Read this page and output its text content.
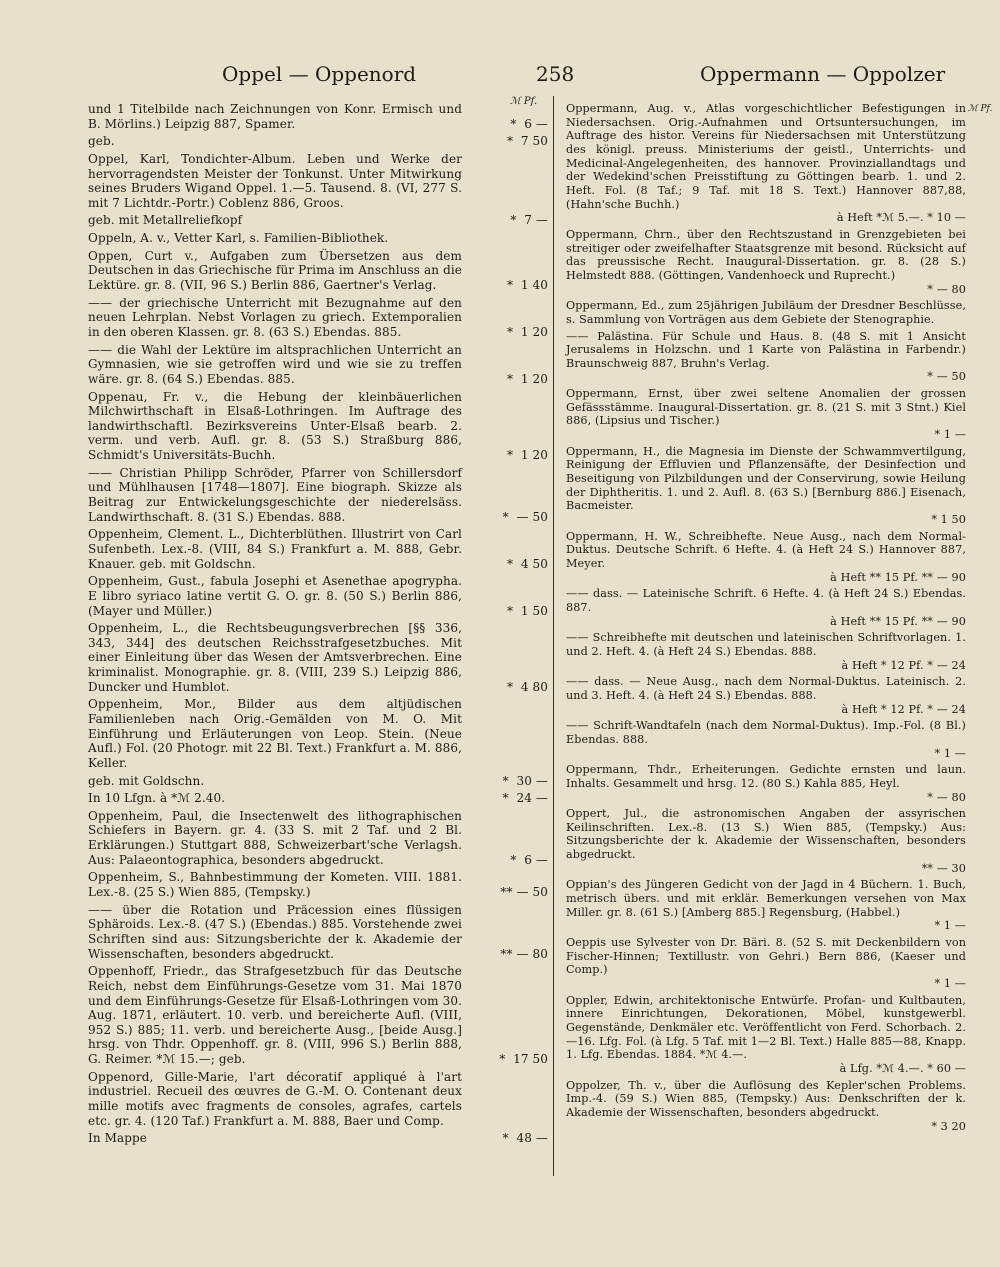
Oppel — Oppenord	258	Oppermann — Oppolzer
ℳ Pf.
ℳ Pf.
und 1 Titelbilde nach Zeichnungen von Konr. Ermisch und B. Mörlins.) Leipzig 887, Spamer.	*  6 —
geb.	*  7 50
Oppel, Karl, Tondichter-Album. Leben und Werke der hervorragendsten Meister der Tonkunst. Unter Mitwirkung seines Bruders Wigand Oppel. 1.—5. Tausend. 8. (VI, 277 S. mit 7 Lichtdr.-Portr.) Coblenz 886, Groos.
geb. mit Metallreliefkopf	*  7 —
Oppeln, A. v., Vetter Karl, s. Familien-Bibliothek.
Oppen, Curt v., Aufgaben zum Übersetzen aus dem Deutschen in das Griechische für Prima im Anschluss an die Lektüre. gr. 8. (VII, 96 S.) Berlin 886, Gaertner's Verlag.	*  1 40
—— der griechische Unterricht mit Bezugnahme auf den neuen Lehrplan. Nebst Vorlagen zu griech. Extemporalien in den oberen Klassen. gr. 8. (63 S.) Ebendas. 885.	*  1 20
—— die Wahl der Lektüre im altsprachlichen Unterricht an Gymnasien, wie sie getroffen wird und wie sie zu treffen wäre. gr. 8. (64 S.) Ebendas. 885.	*  1 20
Oppenau, Fr. v., die Hebung der kleinbäuerlichen Milchwirthschaft in Elsaß-Lothringen. Im Auftrage des landwirthschaftl. Bezirksvereins Unter-Elsaß bearb. 2. verm. und verb. Aufl. gr. 8. (53 S.) Straßburg 886, Schmidt's Universitäts-Buchh.	*  1 20
—— Christian Philipp Schröder, Pfarrer von Schillersdorf und Mühlhausen [1748—1807]. Eine biograph. Skizze als Beitrag zur Entwickelungsgeschichte der niederelsäss. Landwirthschaft. 8. (31 S.) Ebendas. 888.	*  — 50
Oppenheim, Clement. L., Dichterblüthen. Illustrirt von Carl Sufenbeth. Lex.-8. (VIII, 84 S.) Frankfurt a. M. 888, Gebr. Knauer. geb. mit Goldschn.	*  4 50
Oppenheim, Gust., fabula Josephi et Asenethae apogrypha. E libro syriaco latine vertit G. O. gr. 8. (50 S.) Berlin 886, (Mayer und Müller.)	*  1 50
Oppenheim, L., die Rechtsbeugungsverbrechen [§§ 336, 343, 344] des deutschen Reichsstrafgesetzbuches. Mit einer Einleitung über das Wesen der Amtsverbrechen. Eine kriminalist. Monographie. gr. 8. (VIII, 239 S.) Leipzig 886, Duncker und Humblot.	*  4 80
Oppenheim, Mor., Bilder aus dem altjüdischen Familienleben nach Orig.-Gemälden von M. O. Mit Einführung und Erläuterungen von Leop. Stein. (Neue Aufl.) Fol. (20 Photogr. mit 22 Bl. Text.) Frankfurt a. M. 886, Keller.
geb. mit Goldschn.	*  30 —
In 10 Lfgn. à *ℳ 2.40.	*  24 —
Oppenheim, Paul, die Insectenwelt des lithographischen Schiefers in Bayern. gr. 4. (33 S. mit 2 Taf. und 2 Bl. Erklärungen.) Stuttgart 888, Schweizerbart'sche Verlagsh. Aus: Palaeontographica, besonders abgedruckt.	*  6 —
Oppenheim, S., Bahnbestimmung der Kometen. VIII. 1881. Lex.-8. (25 S.) Wien 885, (Tempsky.)	** — 50
—— über die Rotation und Präcession eines flüssigen Sphäroids. Lex.-8. (47 S.) (Ebendas.) 885. Vorstehende zwei Schriften sind aus: Sitzungsberichte der k. Akademie der Wissenschaften, besonders abgedruckt.	** — 80
Oppenhoff, Friedr., das Strafgesetzbuch für das Deutsche Reich, nebst dem Einführungs-Gesetze vom 31. Mai 1870 und dem Einführungs-Gesetze für Elsaß-Lothringen vom 30. Aug. 1871, erläutert. 10. verb. und bereicherte Aufl. (VIII, 952 S.) 885; 11. verb. und bereicherte Ausg., [beide Ausg.] hrsg. von Thdr. Oppenhoff. gr. 8. (VIII, 996 S.) Berlin 888, G. Reimer. *ℳ 15.—; geb.	*  17 50
Oppenord, Gille-Marie, l'art décoratif appliqué à l'art industriel. Recueil des œuvres de G.-M. O. Contenant deux mille motifs avec fragments de consoles, agrafes, cartels etc. gr. 4. (120 Taf.) Frankfurt a. M. 888, Baer und Comp.
In Mappe	*  48 —
Oppermann, Aug. v., Atlas vorgeschichtlicher Befestigungen in Niedersachsen. Orig.-Aufnahmen und Ortsuntersuchungen, im Auftrage des histor. Vereins für Niedersachsen mit Unterstützung des königl. preuss. Ministeriums der geistl., Unterrichts- und Medicinal-Angelegenheiten, des hannover. Provinziallandtags und der Wedekind'schen Preisstiftung zu Göttingen bearb. 1. und 2. Heft. Fol. (8 Taf.; 9 Taf. mit 18 S. Text.) Hannover 887,88, (Hahn'sche Buchh.)
à Heft *ℳ 5.—. * 10 —
Oppermann, Chrn., über den Rechtszustand in Grenzgebieten bei streitiger oder zweifelhafter Staatsgrenze mit besond. Rücksicht auf das preussische Recht. Inaugural-Dissertation. gr. 8. (28 S.) Helmstedt 888. (Göttingen, Vandenhoeck und Ruprecht.)
* — 80
Oppermann, Ed., zum 25jährigen Jubiläum der Dresdner Beschlüsse, s. Sammlung von Vorträgen aus dem Gebiete der Stenographie.
—— Palästina. Für Schule und Haus. 8. (48 S. mit 1 Ansicht Jerusalems in Holzschn. und 1 Karte von Palästina in Farbendr.) Braunschweig 887, Bruhn's Verlag.
* — 50
Oppermann, Ernst, über zwei seltene Anomalien der grossen Gefässstämme. Inaugural-Dissertation. gr. 8. (21 S. mit 3 Stnt.) Kiel 886, (Lipsius und Tischer.)
* 1 —
Oppermann, H., die Magnesia im Dienste der Schwammvertilgung, Reinigung der Effluvien und Pflanzensäfte, der Desinfection und Beseitigung von Pilzbildungen und der Conservirung, sowie Heilung der Diphtheritis. 1. und 2. Aufl. 8. (63 S.) [Bernburg 886.] Eisenach, Bacmeister.
* 1 50
Oppermann, H. W., Schreibhefte. Neue Ausg., nach dem Normal-Duktus. Deutsche Schrift. 6 Hefte. 4. (à Heft 24 S.) Hannover 887, Meyer.
à Heft ** 15 Pf. ** — 90
—— dass. — Lateinische Schrift. 6 Hefte. 4. (à Heft 24 S.) Ebendas. 887.
à Heft ** 15 Pf. ** — 90
—— Schreibhefte mit deutschen und lateinischen Schriftvorlagen. 1. und 2. Heft. 4. (à Heft 24 S.) Ebendas. 888.
à Heft * 12 Pf. * — 24
—— dass. — Neue Ausg., nach dem Normal-Duktus. Lateinisch. 2. und 3. Heft. 4. (à Heft 24 S.) Ebendas. 888.
à Heft * 12 Pf. * — 24
—— Schrift-Wandtafeln (nach dem Normal-Duktus). Imp.-Fol. (8 Bl.) Ebendas. 888.
* 1 —
Oppermann, Thdr., Erheiterungen. Gedichte ernsten und laun. Inhalts. Gesammelt und hrsg. 12. (80 S.) Kahla 885, Heyl.
* — 80
Oppert, Jul., die astronomischen Angaben der assyrischen Keilinschriften. Lex.-8. (13 S.) Wien 885, (Tempsky.) Aus: Sitzungsberichte der k. Akademie der Wissenschaften, besonders abgedruckt.
** — 30
Oppian's des Jüngeren Gedicht von der Jagd in 4 Büchern. 1. Buch, metrisch übers. und mit erklär. Bemerkungen versehen von Max Miller. gr. 8. (61 S.) [Amberg 885.] Regensburg, (Habbel.)
* 1 —
Oeppis use Sylvester von Dr. Bäri. 8. (52 S. mit Deckenbildern von Fischer-Hinnen; Textillustr. von Gehri.) Bern 886, (Kaeser und Comp.)
* 1 —
Oppler, Edwin, architektonische Entwürfe. Profan- und Kultbauten, innere Einrichtungen, Dekorationen, Möbel, kunstgewerbl. Gegenstände, Denkmäler etc. Veröffentlicht von Ferd. Schorbach. 2.—16. Lfg. Fol. (à Lfg. 5 Taf. mit 1—2 Bl. Text.) Halle 885—88, Knapp. 1. Lfg. Ebendas. 1884. *ℳ 4.—.
à Lfg. *ℳ 4.—. * 60 —
Oppolzer, Th. v., über die Auflösung des Kepler'schen Problems. Imp.-4. (59 S.) Wien 885, (Tempsky.) Aus: Denkschriften der k. Akademie der Wissenschaften, besonders abgedruckt.
* 3 20
